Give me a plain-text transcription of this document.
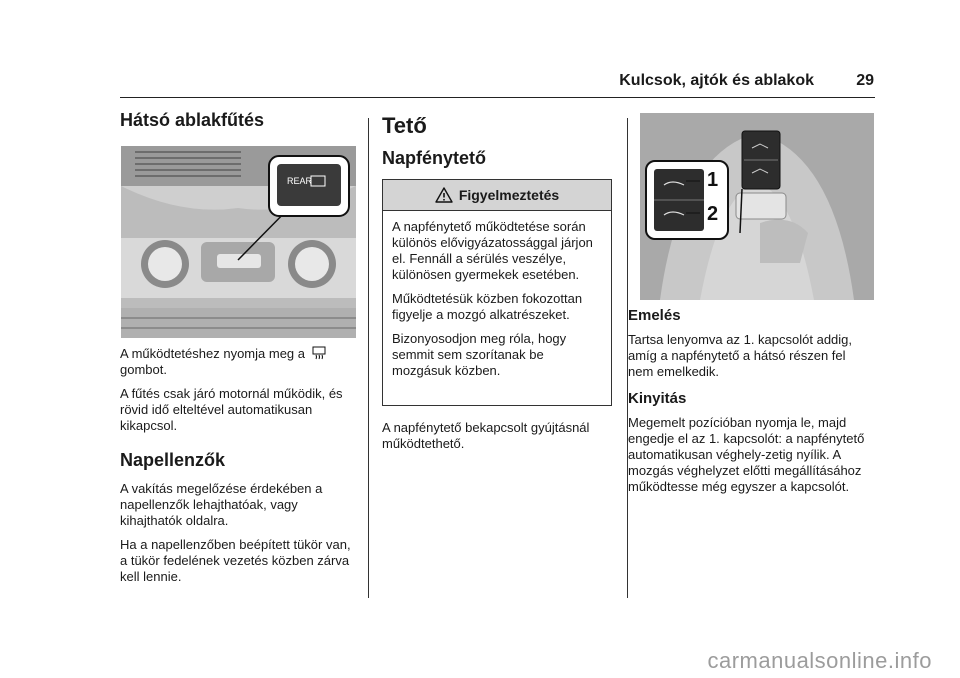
Kulcsok, ajtók és ablakok	29
Hátsó ablakfűtés
REAR

A működtetéshez nyomja meg a
gombot.

A fűtés csak járó motornál működik, és rövid idő elteltével automatikusan kikapcsol.

Napellenzők

A vakítás megelőzése érdekében a napellenzők lehajthatóak, vagy kihajthatók oldalra.

Ha a napellenzőben beépített tükör van, a tükör fedelének vezetés közben zárva kell lennie.

Tető
Napfénytető
Figyelmeztetés

A napfénytető működtetése során különös elővigyázatossággal járjon el. Fennáll a sérülés veszélye, különösen gyermekek esetében.

Működtetésük közben fokozottan figyelje a mozgó alkatrészeket.

Bizonyosodjon meg róla, hogy semmit sem szorítanak be mozgásuk közben.

A napfénytető bekapcsolt gyújtásnál működtethető.

1
2
Emelés

Tartsa lenyomva az 1. kapcsolót addig, amíg a napfénytető a hátsó részen fel nem emelkedik.

Kinyitás

Megemelt pozícióban nyomja le, majd engedje el az 1. kapcsolót: a napfénytető automatikusan véghely-zetig nyílik. A mozgás véghelyzet előtti megállításához működtesse még egyszer a kapcsolót.

carmanualsonline.info
